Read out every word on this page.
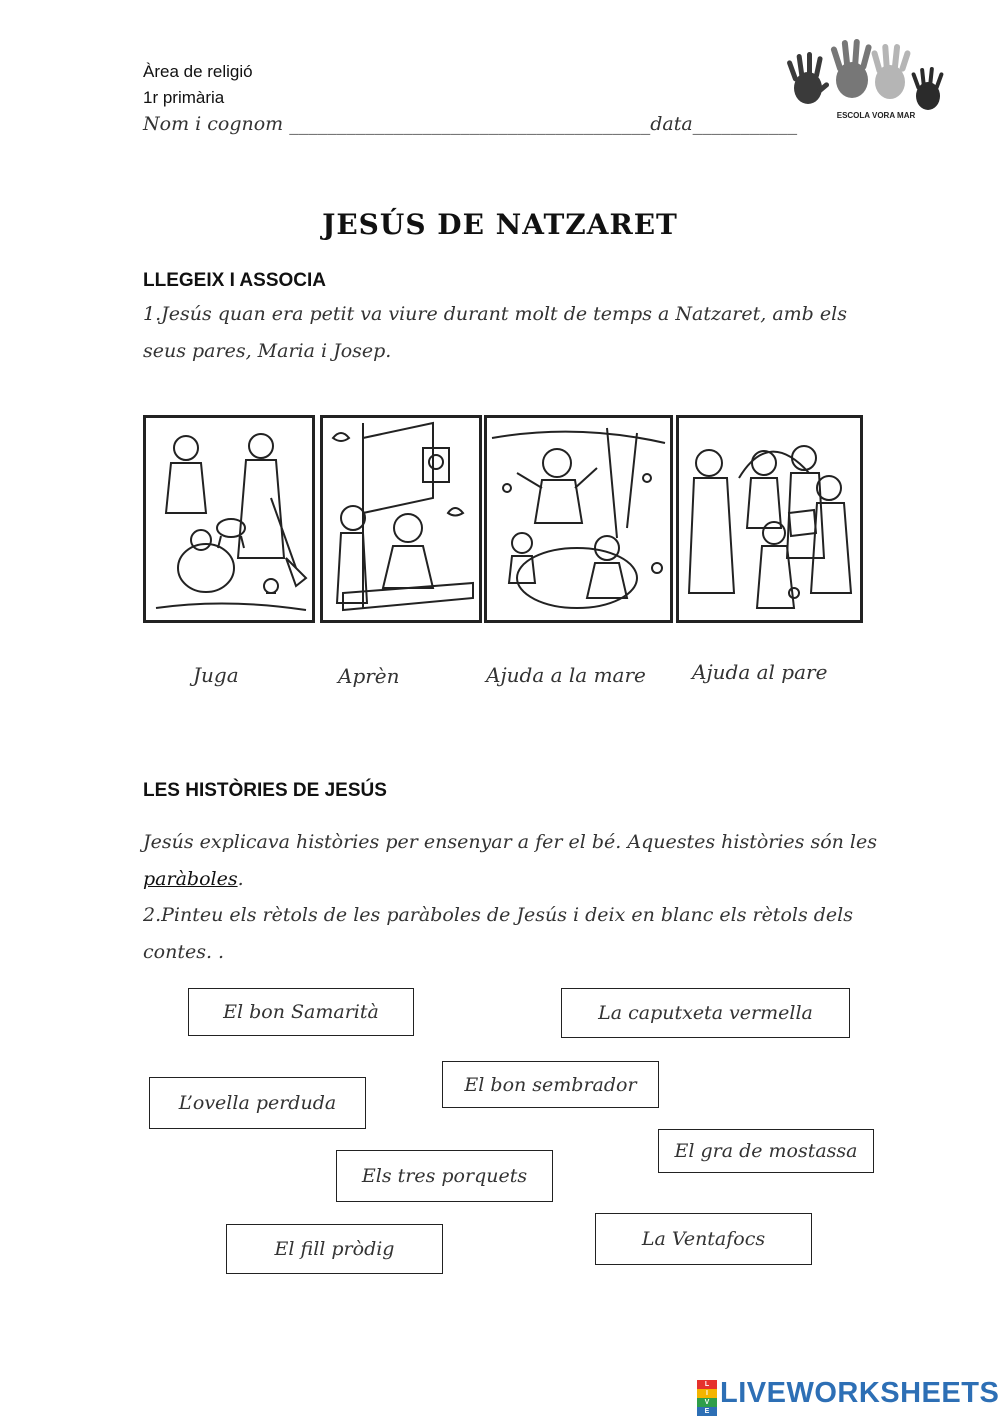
Àrea de religió
1r primària
Nom i cognom ______________________________________data___________	ESCOLA VORA MAR
JESÚS DE NATZARET
LLEGEIX I ASSOCIA
1.Jesús quan era petit va viure durant molt de temps a Natzaret, amb els seus pares, Maria i Josep.
Juga	Aprèn	Ajuda a la mare Ajuda al pare
LES HISTÒRIES DE JESÚS
Jesús explicava històries per ensenyar a fer el bé. Aquestes històries són les paràboles.
2.Pinteu els rètols de les paràboles de Jesús i deix en blanc els rètols dels contes. .
El bon Samarità	La caputxeta vermella
El bon sembrador
L’ovella perduda
El gra de mostassa
Els tres porquets
La Ventafocs
El fill pròdig
L
I
V
E
LIVEWORKSHEETS
